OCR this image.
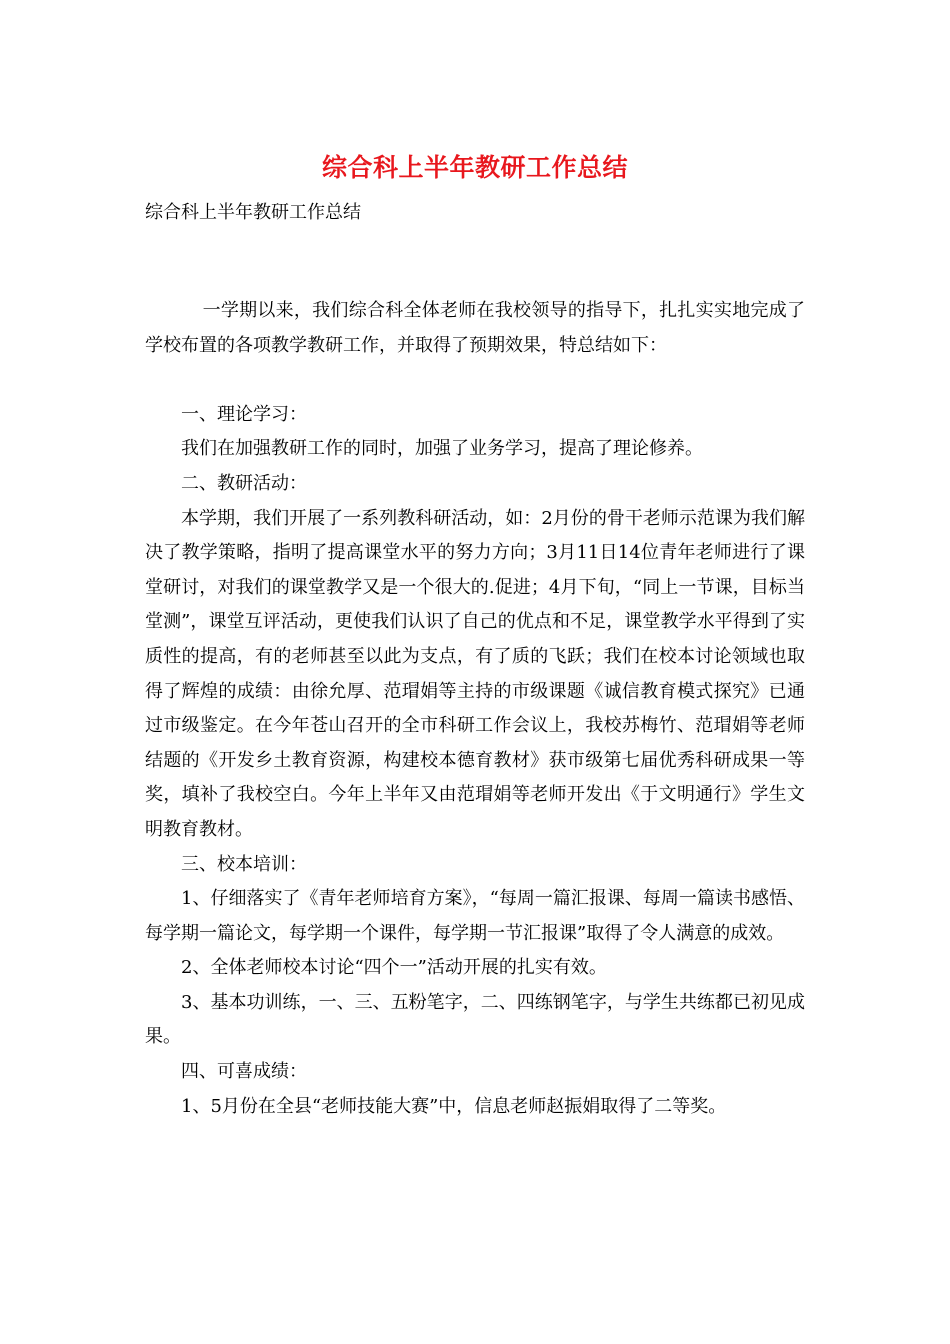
综合科上半年教研工作总结
综合科上半年教研工作总结

一学期以来，我们综合科全体老师在我校领导的指导下，扎扎实实地完成了学校布置的各项教学教研工作，并取得了预期效果，特总结如下：

一、理论学习：

我们在加强教研工作的同时，加强了业务学习，提高了理论修养。

二、教研活动：

本学期，我们开展了一系列教科研活动，如：2月份的骨干老师示范课为我们解决了教学策略，指明了提高课堂水平的努力方向；3月11日14位青年老师进行了课堂研讨，对我们的课堂教学又是一个很大的.促进；4月下旬，“同上一节课，目标当堂测”，课堂互评活动，更使我们认识了自己的优点和不足，课堂教学水平得到了实质性的提高，有的老师甚至以此为支点，有了质的飞跃；我们在校本讨论领域也取得了辉煌的成绩：由徐允厚、范瑁娟等主持的市级课题《诚信教育模式探究》已通过市级鉴定。在今年苍山召开的全市科研工作会议上，我校苏梅竹、范瑁娟等老师结题的《开发乡土教育资源，构建校本德育教材》获市级第七届优秀科研成果一等奖，填补了我校空白。今年上半年又由范瑁娟等老师开发出《于文明通行》学生文明教育教材。

三、校本培训：

1、仔细落实了《青年老师培育方案》，“每周一篇汇报课、每周一篇读书感悟、每学期一篇论文，每学期一个课件，每学期一节汇报课”取得了令人满意的成效。

2、全体老师校本讨论“四个一”活动开展的扎实有效。

3、基本功训练，一、三、五粉笔字，二、四练钢笔字，与学生共练都已初见成果。

四、可喜成绩：

1、5月份在全县“老师技能大赛”中，信息老师赵振娟取得了二等奖。
